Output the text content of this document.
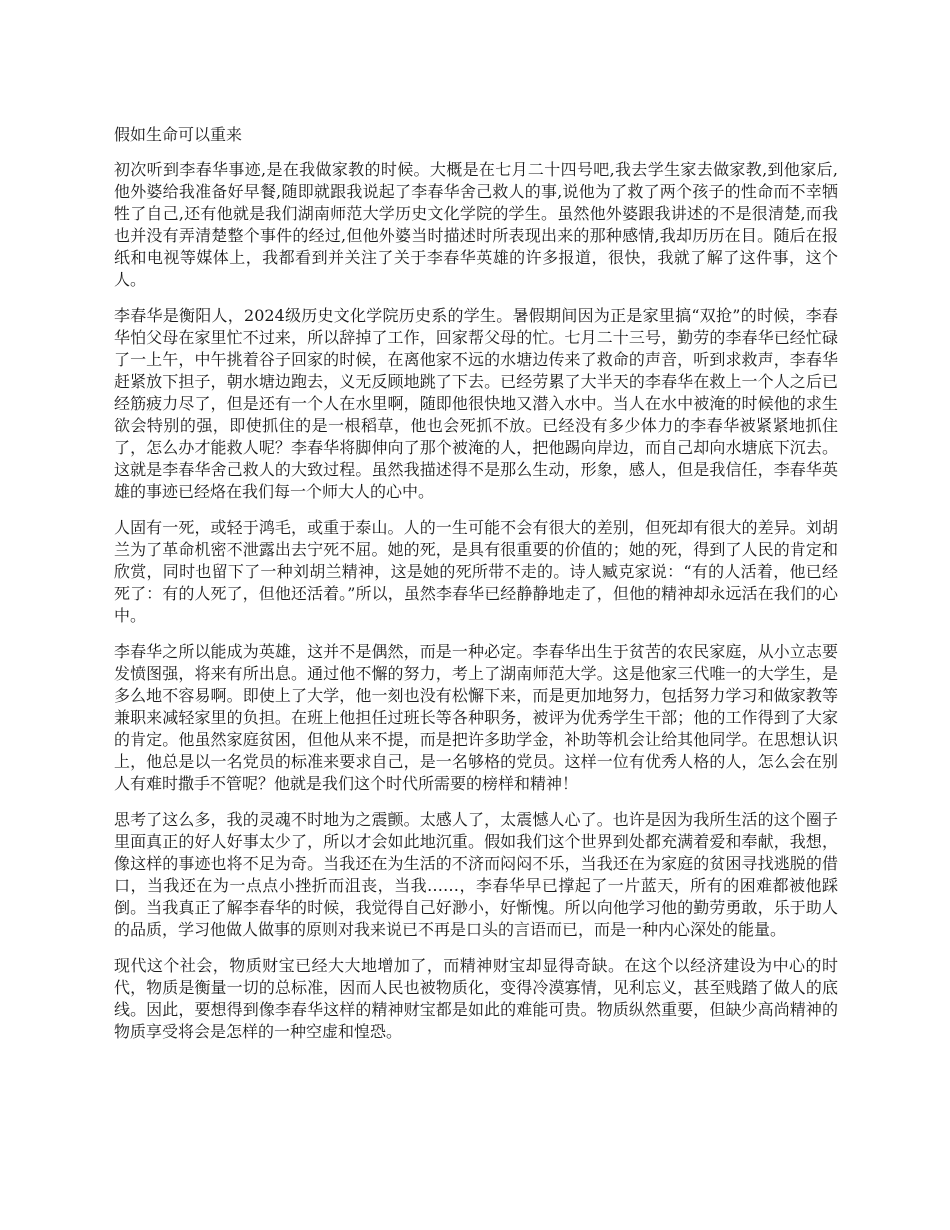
假如生命可以重来

初次听到李春华事迹,是在我做家教的时候。大概是在七月二十四号吧,我去学生家去做家教,到他家后,他外婆给我准备好早餐,随即就跟我说起了李春华舍己救人的事,说他为了救了两个孩子的性命而不幸牺牲了自己,还有他就是我们湖南师范大学历史文化学院的学生。虽然他外婆跟我讲述的不是很清楚,而我也并没有弄清楚整个事件的经过,但他外婆当时描述时所表现出来的那种感情,我却历历在目。随后在报纸和电视等媒体上，我都看到并关注了关于李春华英雄的许多报道，很快，我就了解了这件事，这个人。

李春华是衡阳人，2024级历史文化学院历史系的学生。暑假期间因为正是家里搞“双抢”的时候，李春华怕父母在家里忙不过来，所以辞掉了工作，回家帮父母的忙。七月二十三号，勤劳的李春华已经忙碌了一上午，中午挑着谷子回家的时候，在离他家不远的水塘边传来了救命的声音，听到求救声，李春华赶紧放下担子，朝水塘边跑去，义无反顾地跳了下去。已经劳累了大半天的李春华在救上一个人之后已经筋疲力尽了，但是还有一个人在水里啊，随即他很快地又潜入水中。当人在水中被淹的时候他的求生欲会特别的强，即使抓住的是一根稻草，他也会死抓不放。已经没有多少体力的李春华被紧紧地抓住了，怎么办才能救人呢？李春华将脚伸向了那个被淹的人，把他踢向岸边，而自己却向水塘底下沉去。这就是李春华舍己救人的大致过程。虽然我描述得不是那么生动，形象，感人，但是我信任，李春华英雄的事迹已经烙在我们每一个师大人的心中。

人固有一死，或轻于鸿毛，或重于泰山。人的一生可能不会有很大的差别，但死却有很大的差异。刘胡兰为了革命机密不泄露出去宁死不屈。她的死，是具有很重要的价值的；她的死，得到了人民的肯定和欣赏，同时也留下了一种刘胡兰精神，这是她的死所带不走的。诗人臧克家说：“有的人活着，他已经死了：有的人死了，但他还活着。”所以，虽然李春华已经静静地走了，但他的精神却永远活在我们的心中。

李春华之所以能成为英雄，这并不是偶然，而是一种必定。李春华出生于贫苦的农民家庭，从小立志要发愤图强，将来有所出息。通过他不懈的努力，考上了湖南师范大学。这是他家三代唯一的大学生，是多么地不容易啊。即使上了大学，他一刻也没有松懈下来，而是更加地努力，包括努力学习和做家教等兼职来减轻家里的负担。在班上他担任过班长等各种职务，被评为优秀学生干部；他的工作得到了大家的肯定。他虽然家庭贫困，但他从来不提，而是把许多助学金，补助等机会让给其他同学。在思想认识上，他总是以一名党员的标准来要求自己，是一名够格的党员。这样一位有优秀人格的人，怎么会在别人有难时撒手不管呢？他就是我们这个时代所需要的榜样和精神！

思考了这么多，我的灵魂不时地为之震颤。太感人了，太震憾人心了。也许是因为我所生活的这个圈子里面真正的好人好事太少了，所以才会如此地沉重。假如我们这个世界到处都充满着爱和奉献，我想，像这样的事迹也将不足为奇。当我还在为生活的不济而闷闷不乐，当我还在为家庭的贫困寻找逃脱的借口，当我还在为一点点小挫折而沮丧，当我……，李春华早已撑起了一片蓝天，所有的困难都被他踩倒。当我真正了解李春华的时候，我觉得自己好渺小，好惭愧。所以向他学习他的勤劳勇敢，乐于助人的品质，学习他做人做事的原则对我来说已不再是口头的言语而已，而是一种内心深处的能量。

现代这个社会，物质财宝已经大大地增加了，而精神财宝却显得奇缺。在这个以经济建设为中心的时代，物质是衡量一切的总标准，因而人民也被物质化，变得冷漠寡情，见利忘义，甚至贱踏了做人的底线。因此，要想得到像李春华这样的精神财宝都是如此的难能可贵。物质纵然重要，但缺少高尚精神的物质享受将会是怎样的一种空虚和惶恐。
